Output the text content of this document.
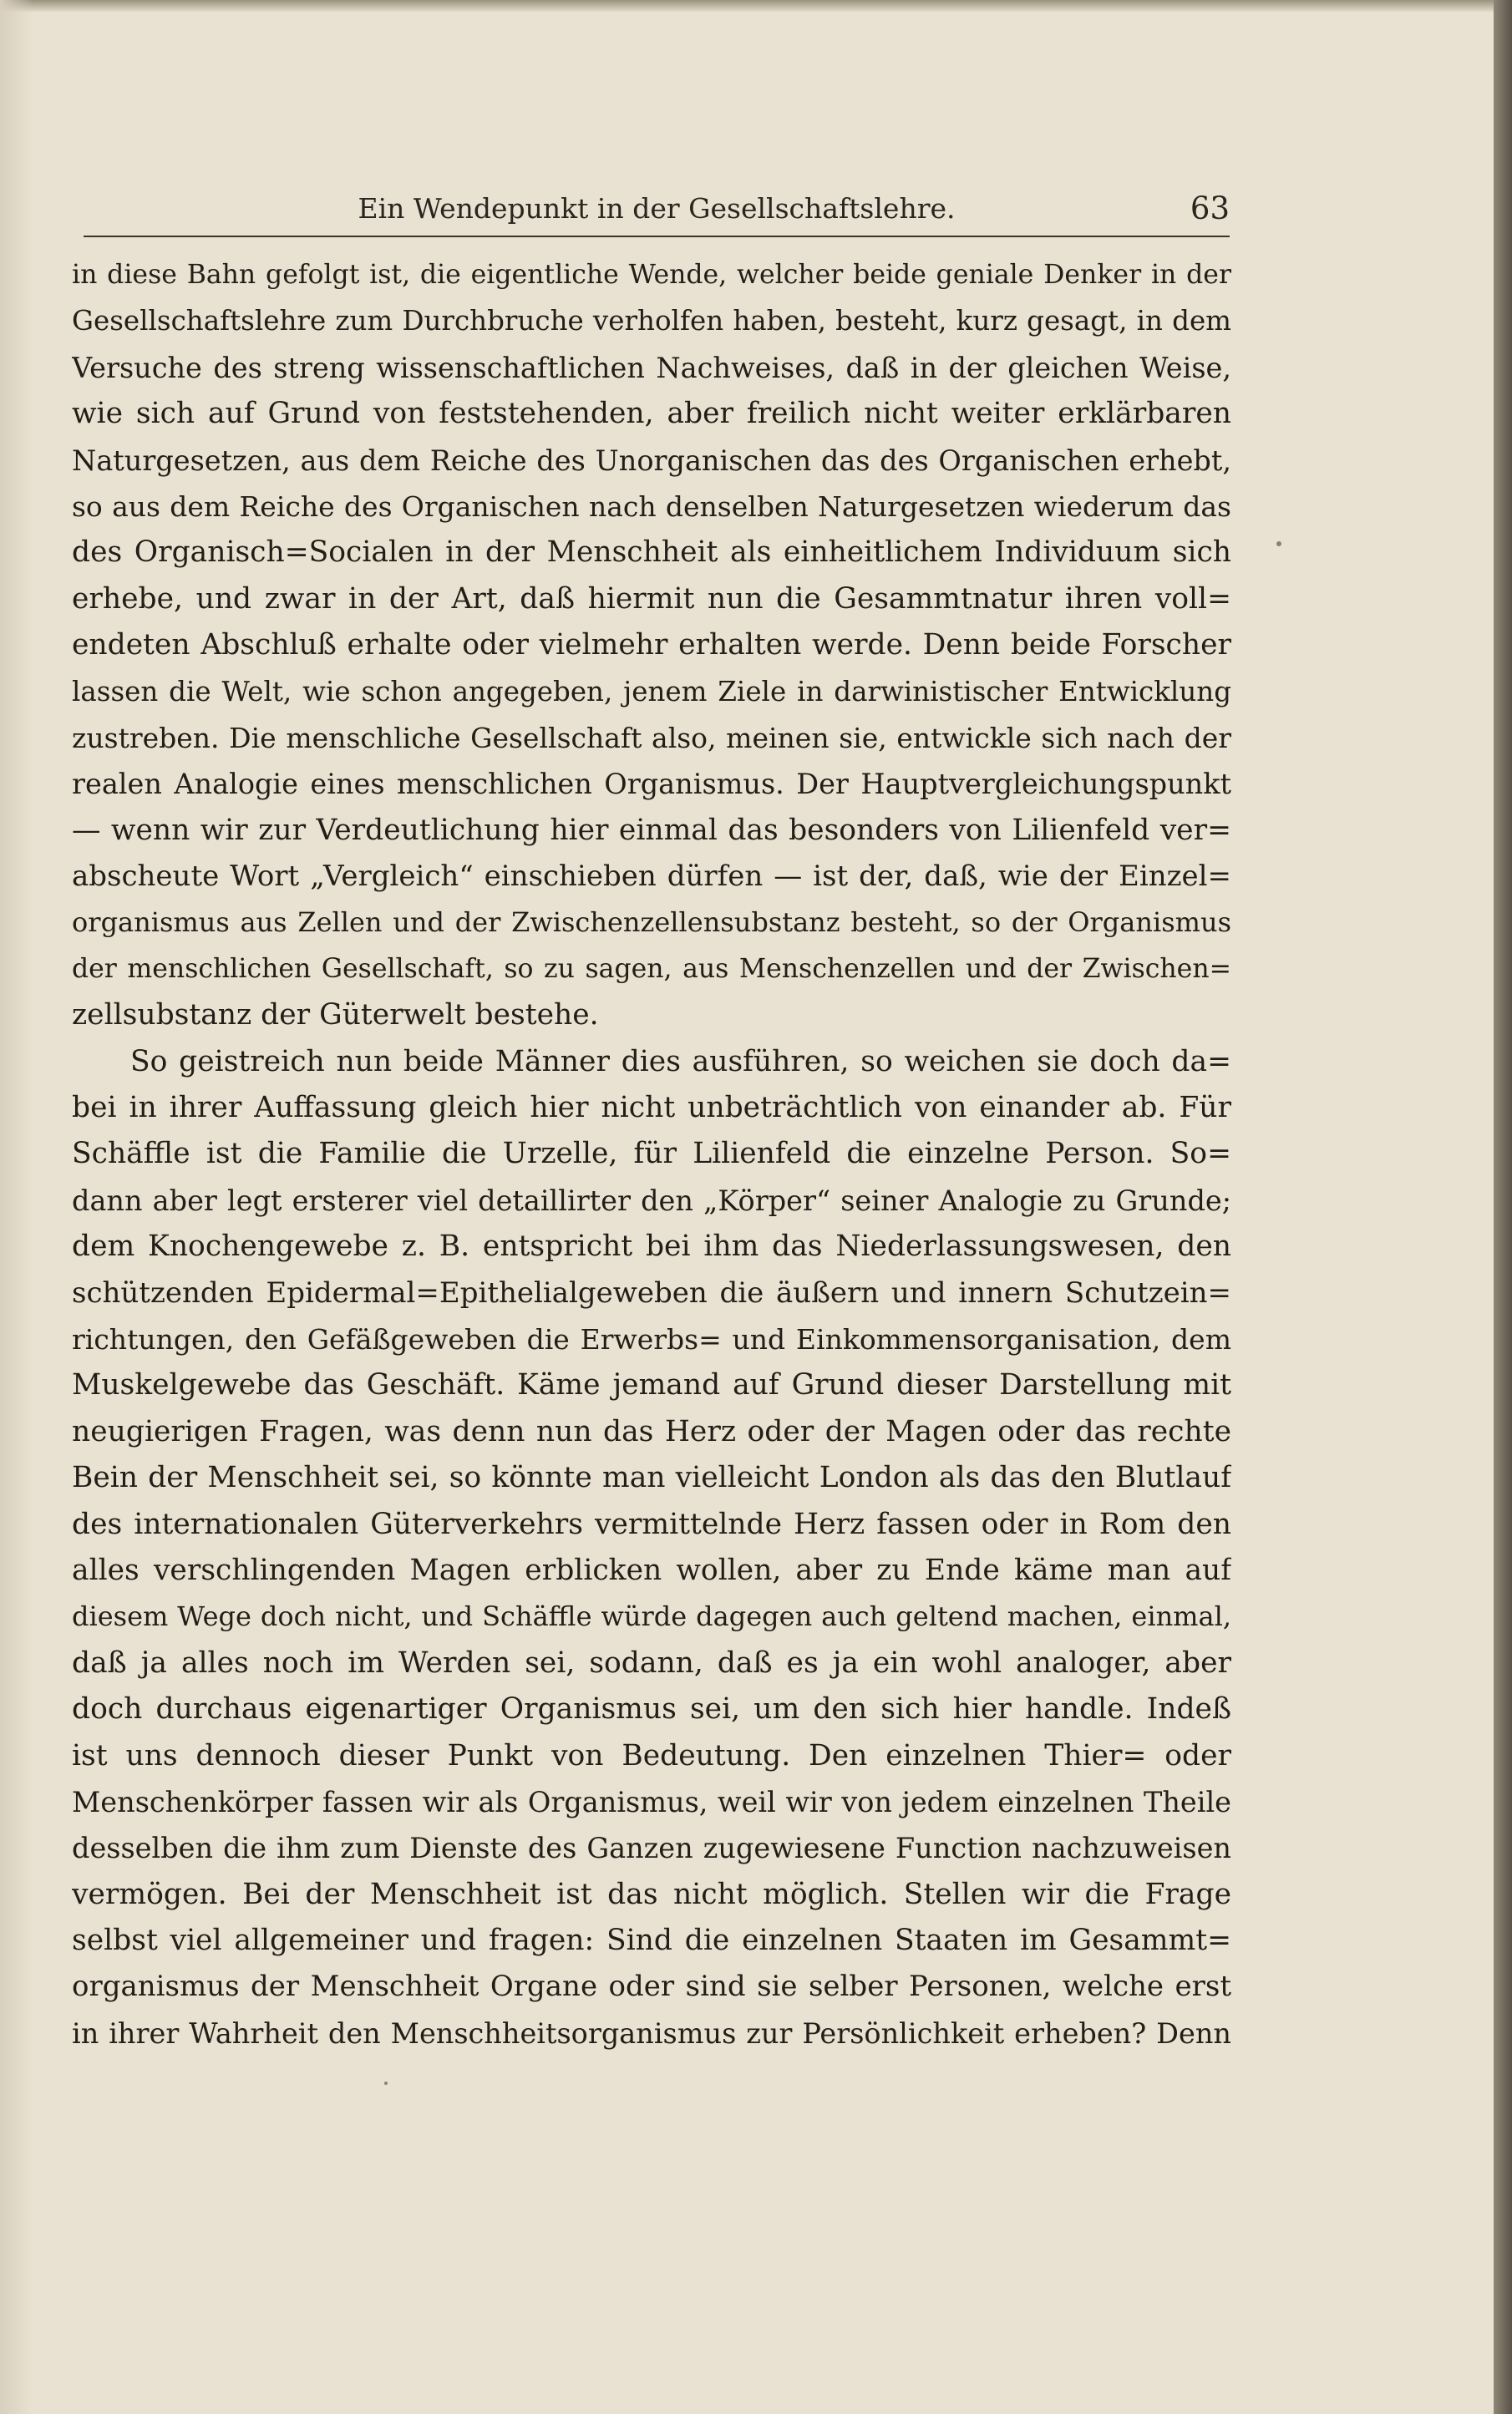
Ein Wendepunkt in der Gesellschaftslehre.	63
in diese Bahn gefolgt ist, die eigentliche Wende, welcher beide geniale Denker in der
Gesellschaftslehre zum Durchbruche verholfen haben, besteht, kurz gesagt, in dem
Versuche des streng wissenschaftlichen Nachweises, daß in der gleichen Weise,
wie sich auf Grund von feststehenden, aber freilich nicht weiter erklärbaren
Naturgesetzen, aus dem Reiche des Unorganischen das des Organischen erhebt,
so aus dem Reiche des Organischen nach denselben Naturgesetzen wiederum das
des Organisch=Socialen in der Menschheit als einheitlichem Individuum sich
erhebe, und zwar in der Art, daß hiermit nun die Gesammtnatur ihren voll=
endeten Abschluß erhalte oder vielmehr erhalten werde. Denn beide Forscher
lassen die Welt, wie schon angegeben, jenem Ziele in darwinistischer Entwicklung
zustreben. Die menschliche Gesellschaft also, meinen sie, entwickle sich nach der
realen Analogie eines menschlichen Organismus. Der Hauptvergleichungspunkt
— wenn wir zur Verdeutlichung hier einmal das besonders von Lilienfeld ver=
abscheute Wort „Vergleich“ einschieben dürfen — ist der, daß, wie der Einzel=
organismus aus Zellen und der Zwischenzellensubstanz besteht, so der Organismus
der menschlichen Gesellschaft, so zu sagen, aus Menschenzellen und der Zwischen=
zellsubstanz der Güterwelt bestehe.
So geistreich nun beide Männer dies ausführen, so weichen sie doch da=
bei in ihrer Auffassung gleich hier nicht unbeträchtlich von einander ab. Für
Schäffle ist die Familie die Urzelle, für Lilienfeld die einzelne Person. So=
dann aber legt ersterer viel detaillirter den „Körper“ seiner Analogie zu Grunde;
dem Knochengewebe z. B. entspricht bei ihm das Niederlassungswesen, den
schützenden Epidermal=Epithelialgeweben die äußern und innern Schutzein=
richtungen, den Gefäßgeweben die Erwerbs= und Einkommensorganisation, dem
Muskelgewebe das Geschäft. Käme jemand auf Grund dieser Darstellung mit
neugierigen Fragen, was denn nun das Herz oder der Magen oder das rechte
Bein der Menschheit sei, so könnte man vielleicht London als das den Blutlauf
des internationalen Güterverkehrs vermittelnde Herz fassen oder in Rom den
alles verschlingenden Magen erblicken wollen, aber zu Ende käme man auf
diesem Wege doch nicht, und Schäffle würde dagegen auch geltend machen, einmal,
daß ja alles noch im Werden sei, sodann, daß es ja ein wohl analoger, aber
doch durchaus eigenartiger Organismus sei, um den sich hier handle. Indeß
ist uns dennoch dieser Punkt von Bedeutung. Den einzelnen Thier= oder
Menschenkörper fassen wir als Organismus, weil wir von jedem einzelnen Theile
desselben die ihm zum Dienste des Ganzen zugewiesene Function nachzuweisen
vermögen. Bei der Menschheit ist das nicht möglich. Stellen wir die Frage
selbst viel allgemeiner und fragen: Sind die einzelnen Staaten im Gesammt=
organismus der Menschheit Organe oder sind sie selber Personen, welche erst
in ihrer Wahrheit den Menschheitsorganismus zur Persönlichkeit erheben? Denn
